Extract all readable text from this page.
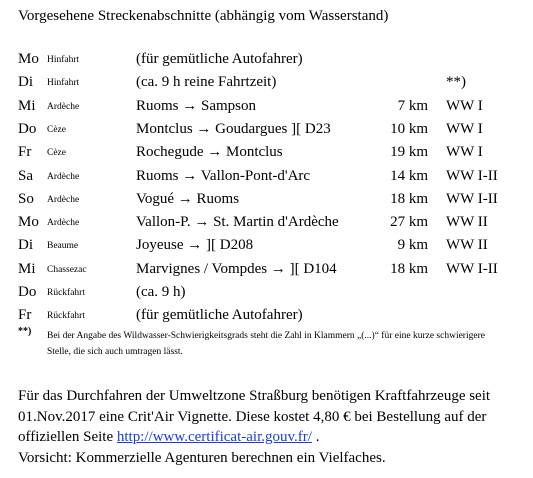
Vorgesehene Streckenabschnitte (abhängig vom Wasserstand)
Mo Hinfahrt	(für gemütliche Autofahrer)
Di Hinfahrt	(ca. 9 h reine Fahrtzeit)	**)
Mi Ardèche	Ruoms → Sampson	7 km WW I
Do Cèze	Montclus → Goudargues ][ D23	10 km WW I
Fr Cèze	Rochegude → Montclus	19 km WW I
Sa Ardèche	Ruoms → Vallon-Pont-d'Arc	14 km WW I-II
So Ardèche	Vogué → Ruoms	18 km WW I-II
Mo Ardèche	Vallon-P. → St. Martin d'Ardèche	27 km WW II
Di Beaume	Joyeuse → ][ D208	9 km WW II
Mi Chassezac	Marvignes / Vompdes → ][ D104	18 km WW I-II
Do Rückfahrt	(ca. 9 h)
Fr Rückfahrt	(für gemütliche Autofahrer)
**) Bei der Angabe des Wildwasser-Schwierigkeitsgrads steht die Zahl in Klammern „(...)“ für eine kurze schwierigere Stelle, die sich auch umtragen lässt.
Für das Durchfahren der Umweltzone Straßburg benötigen Kraftfahrzeuge seit 01.Nov.2017 eine Crit'Air Vignette. Diese kostet 4,80 € bei Bestellung auf der offiziellen Seite http://www.certificat-air.gouv.fr/ .
Vorsicht: Kommerzielle Agenturen berechnen ein Vielfaches.
